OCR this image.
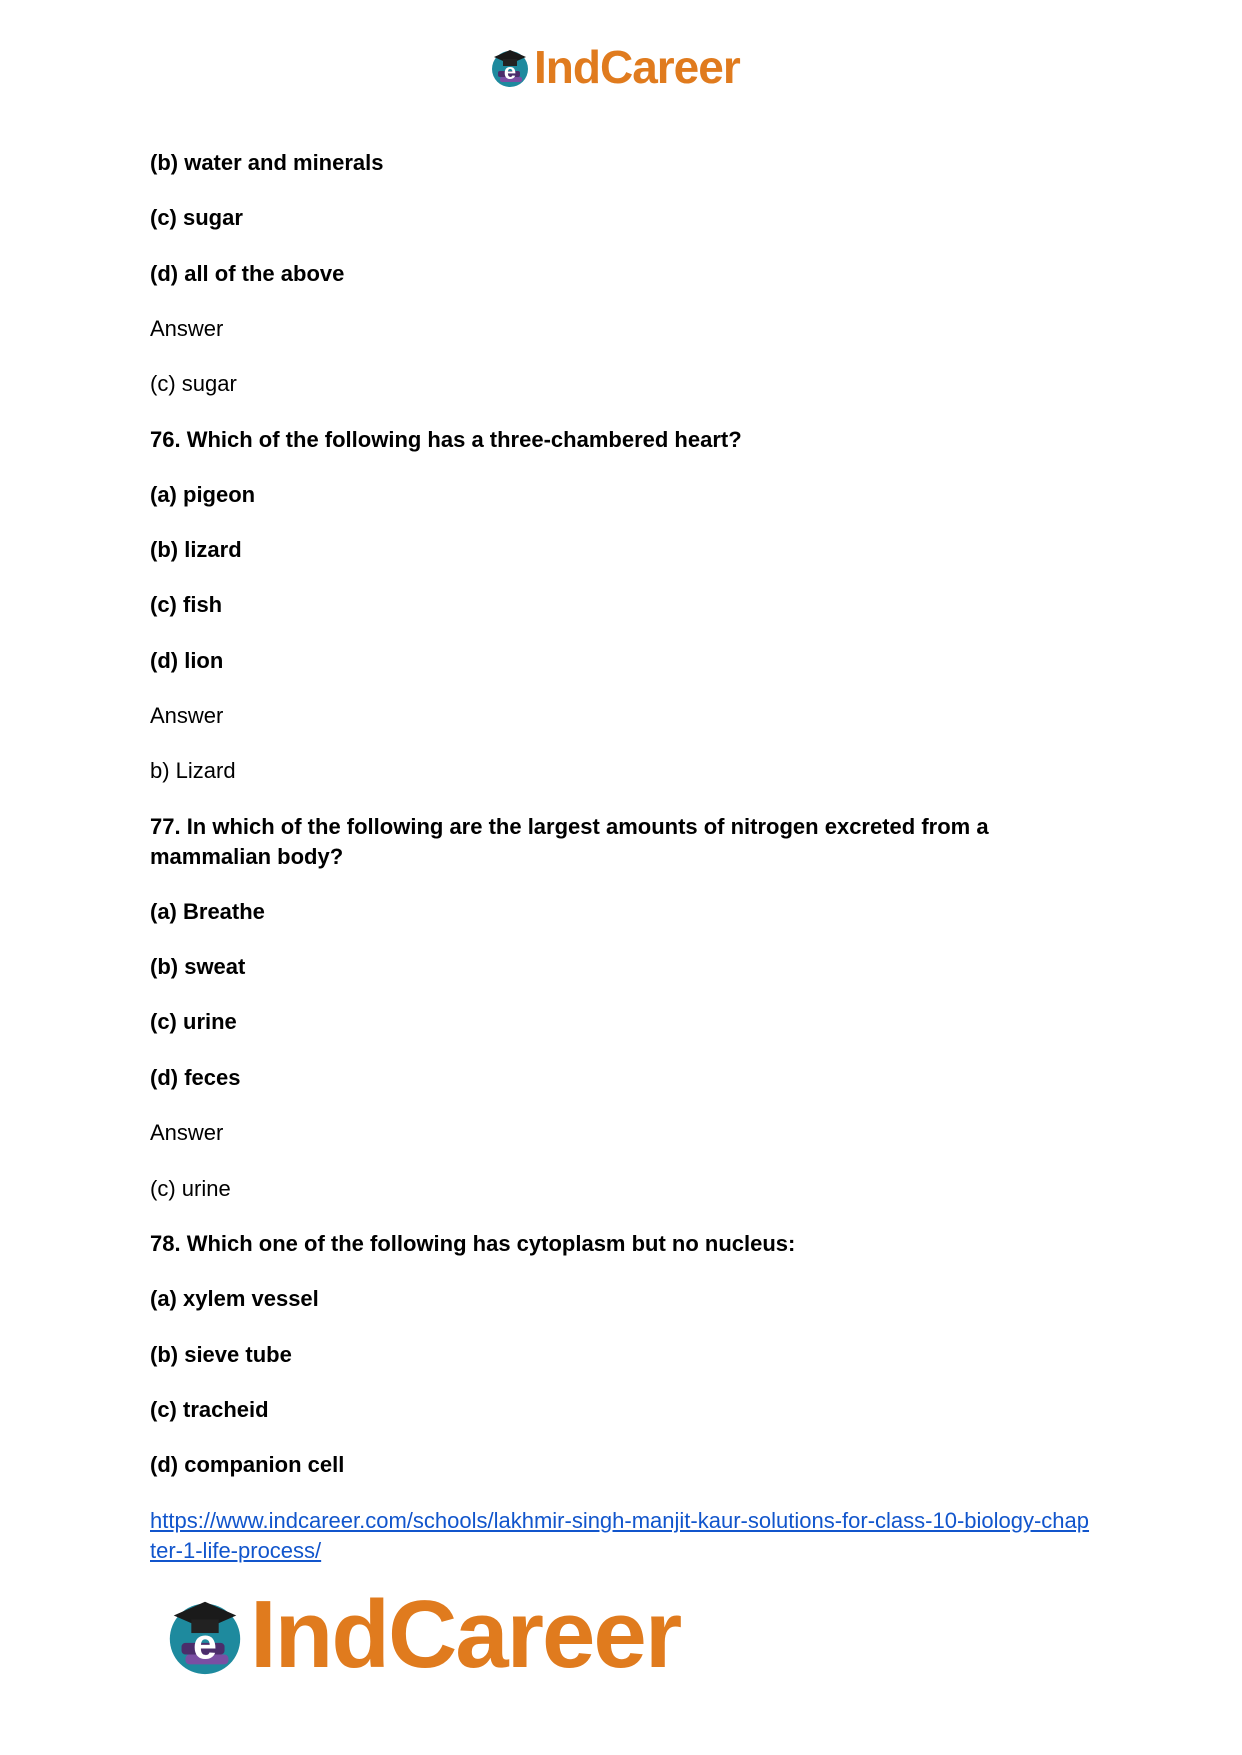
e IndCareer
(b) water and minerals
(c) sugar
(d) all of the above
Answer
(c) sugar
76. Which of the following has a three-chambered heart?
(a) pigeon
(b) lizard
(c) fish
(d) lion
Answer
b) Lizard
77. In which of the following are the largest amounts of nitrogen excreted from a mammalian body?
(a) Breathe
(b) sweat
(c) urine
(d) feces
Answer
(c) urine
78. Which one of the following has cytoplasm but no nucleus:
(a) xylem vessel
(b) sieve tube
(c) tracheid
(d) companion cell
https://www.indcareer.com/schools/lakhmir-singh-manjit-kaur-solutions-for-class-10-biology-chapter-1-life-process/
e IndCareer
